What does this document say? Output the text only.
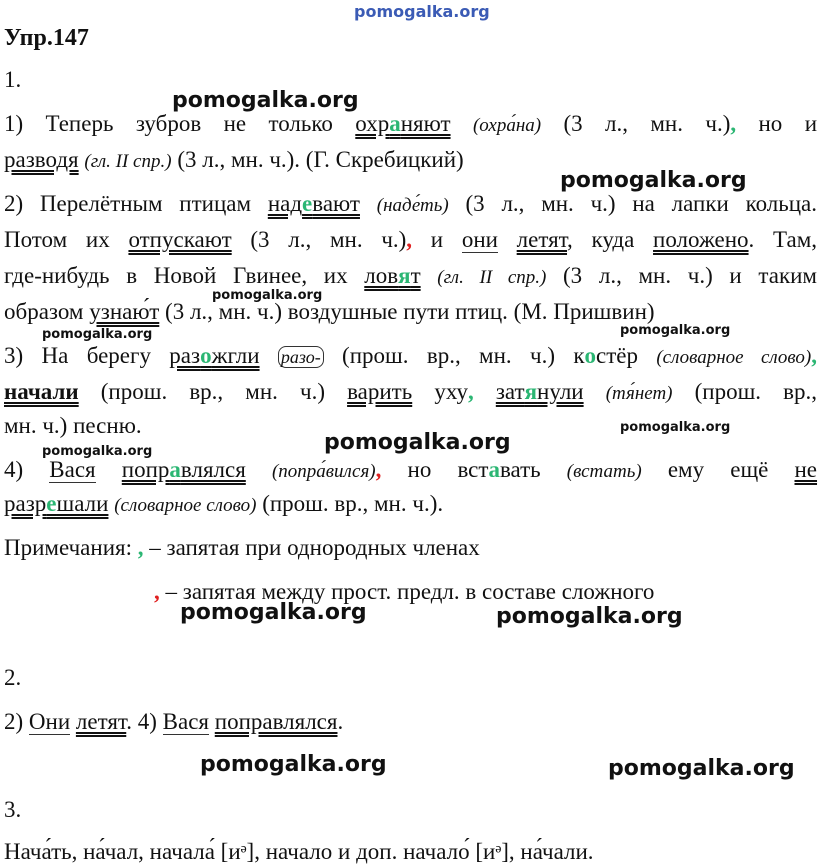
pomogalka.org
pomogalka.org
pomogalka.org
pomogalka.org
pomogalka.org	pomogalka.org
pomogalka.org
pomogalka.org	pomogalka.org
pomogalka.org	pomogalka.org
pomogalka.org	pomogalka.org
Упр.147
1.
1) Теперь зубров не только охраняют (охра́на) (3 л., мн. ч.), но и
разводя (гл. II спр.) (3 л., мн. ч.). (Г. Скребицкий)
2) Перелётным птицам надевают (наде́ть) (3 л., мн. ч.) на лапки кольца.
Потом их отпускают (3 л., мн. ч.), и они летят, куда положено. Там,
где-нибудь в Новой Гвинее, их ловят (гл. II спр.) (3 л., мн. ч.) и таким
образом узнаю́т (3 л., мн. ч.) воздушные пути птиц. (М. Пришвин)
3) На берегу разожгли разо- (прош. вр., мн. ч.) костёр (словарное слово),
начали (прош. вр., мн. ч.) варить уху, затянули (тя́нет) (прош. вр.,
мн. ч.) песню.
4) Вася поправлялся (попра́вился), но вставать (встать) ему ещё не
разрешали (словарное слово) (прош. вр., мн. ч.).
Примечания: , – запятая при однородных членах
, – запятая между прост. предл. в составе сложного
2.
2) Они летят. 4) Вася поправлялся.
3.
Нача́ть, на́чал, начала́ [иᵊ], начало и доп. начало́ [иᵊ], на́чали.
